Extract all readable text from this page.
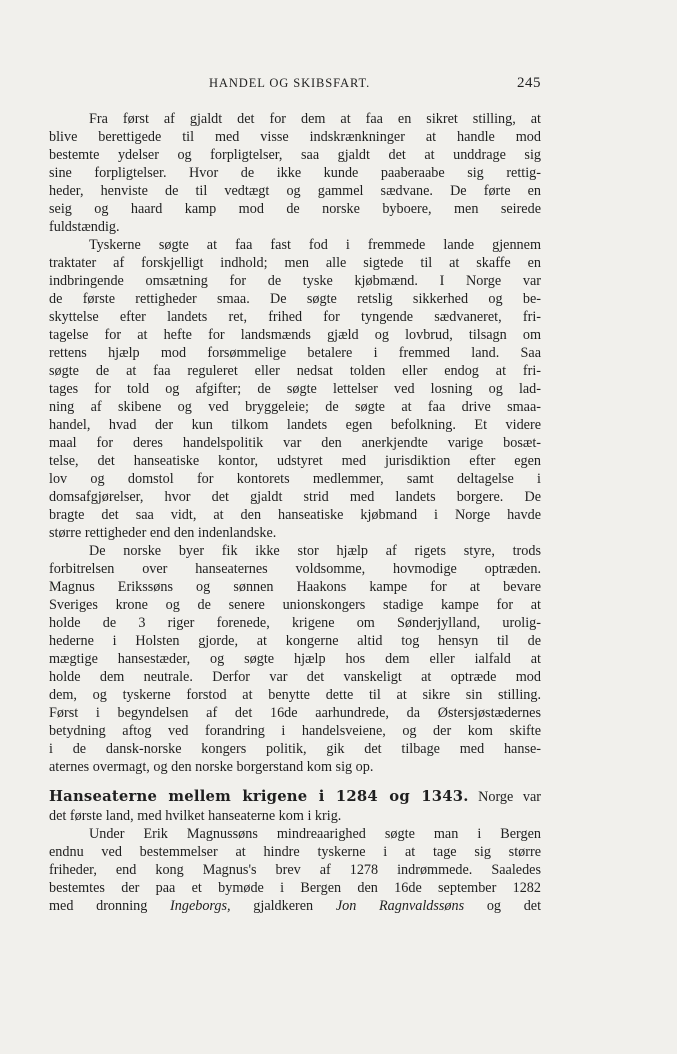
HANDEL OG SKIBSFART.	245
Fra først af gjaldt det for dem at faa en sikret stilling, at
blive berettigede til med visse indskrænkninger at handle mod
bestemte ydelser og forpligtelser, saa gjaldt det at unddrage sig
sine forpligtelser. Hvor de ikke kunde paaberaabe sig rettig-
heder, henviste de til vedtægt og gammel sædvane. De førte en
seig og haard kamp mod de norske byboere, men seirede
fuldstændig.
Tyskerne søgte at faa fast fod i fremmede lande gjennem
traktater af forskjelligt indhold; men alle sigtede til at skaffe en
indbringende omsætning for de tyske kjøbmænd. I Norge var
de første rettigheder smaa. De søgte retslig sikkerhed og be-
skyttelse efter landets ret, frihed for tyngende sædvaneret, fri-
tagelse for at hefte for landsmænds gjæld og lovbrud, tilsagn om
rettens hjælp mod forsømmelige betalere i fremmed land. Saa
søgte de at faa reguleret eller nedsat tolden eller endog at fri-
tages for told og afgifter; de søgte lettelser ved losning og lad-
ning af skibene og ved bryggeleie; de søgte at faa drive smaa-
handel, hvad der kun tilkom landets egen befolkning. Et videre
maal for deres handelspolitik var den anerkjendte varige bosæt-
telse, det hanseatiske kontor, udstyret med jurisdiktion efter egen
lov og domstol for kontorets medlemmer, samt deltagelse i
domsafgjørelser, hvor det gjaldt strid med landets borgere. De
bragte det saa vidt, at den hanseatiske kjøbmand i Norge havde
større rettigheder end den indenlandske.
De norske byer fik ikke stor hjælp af rigets styre, trods
forbitrelsen over hanseaternes voldsomme, hovmodige optræden.
Magnus Erikssøns og sønnen Haakons kampe for at bevare
Sveriges krone og de senere unionskongers stadige kampe for at
holde de 3 riger forenede, krigene om Sønderjylland, urolig-
hederne i Holsten gjorde, at kongerne altid tog hensyn til de
mægtige hansestæder, og søgte hjælp hos dem eller ialfald at
holde dem neutrale. Derfor var det vanskeligt at optræde mod
dem, og tyskerne forstod at benytte dette til at sikre sin stilling.
Først i begyndelsen af det 16de aarhundrede, da Østersjøstædernes
betydning aftog ved forandring i handelsveiene, og der kom skifte
i de dansk-norske kongers politik, gik det tilbage med hanse-
aternes overmagt, og den norske borgerstand kom sig op.
Hanseaterne mellem krigene i 1284 og 1343. Norge var
det første land, med hvilket hanseaterne kom i krig.
Under Erik Magnussøns mindreaarighed søgte man i Bergen
endnu ved bestemmelser at hindre tyskerne i at tage sig større
friheder, end kong Magnus's brev af 1278 indrømmede. Saaledes
bestemtes der paa et bymøde i Bergen den 16de september 1282
med dronning Ingeborgs, gjaldkeren Jon Ragnvaldssøns og det
